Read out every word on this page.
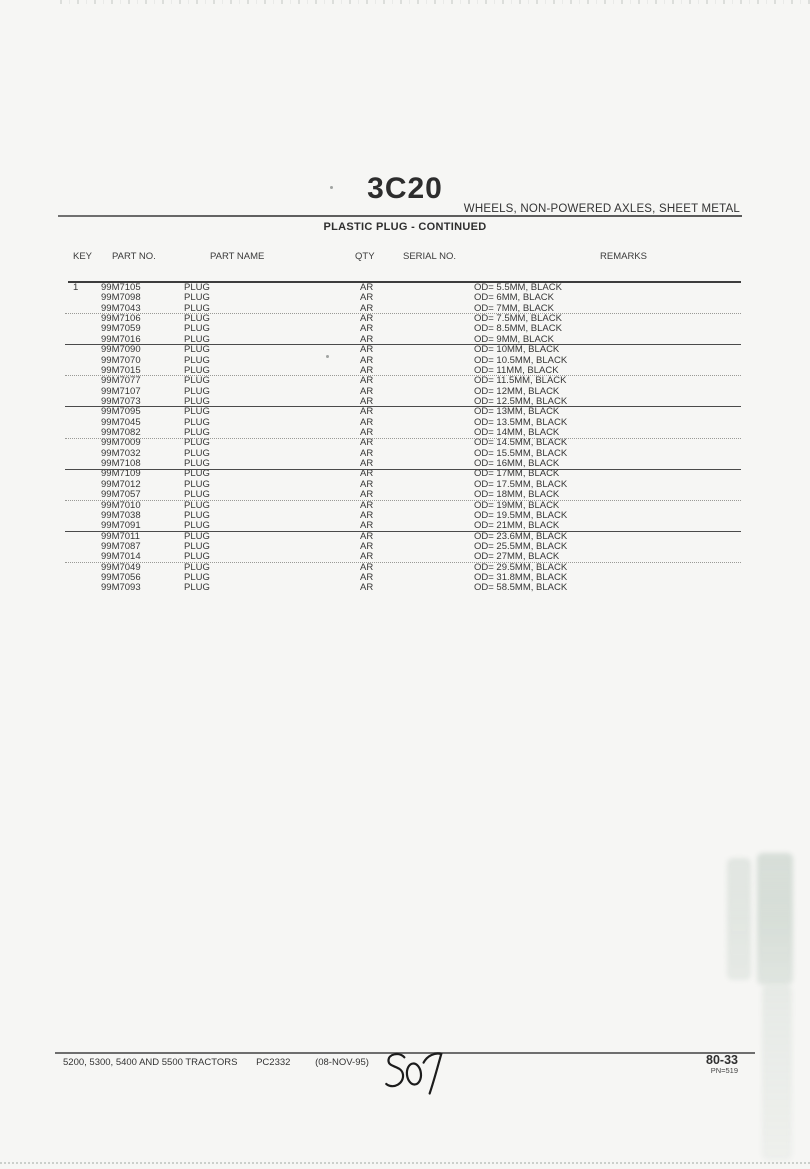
3C20
WHEELS, NON-POWERED AXLES, SHEET METAL
PLASTIC PLUG - CONTINUED
KEY PART NO.	PART NAME	QTY	SERIAL NO.	REMARKS
1 99M7105	PLUG	AR	OD= 5.5MM, BLACK
99M7098	PLUG	AR	OD= 6MM, BLACK
99M7043	PLUG	AR	OD= 7MM, BLACK
99M7106	PLUG	AR	OD= 7.5MM, BLACK
99M7059	PLUG	AR	OD= 8.5MM, BLACK
99M7016	PLUG	AR	OD= 9MM, BLACK
99M7090	PLUG	AR	OD= 10MM, BLACK
99M7070	PLUG	AR	OD= 10.5MM, BLACK
99M7015	PLUG	AR	OD= 11MM, BLACK
99M7077	PLUG	AR	OD= 11.5MM, BLACK
99M7107	PLUG	AR	OD= 12MM, BLACK
99M7073	PLUG	AR	OD= 12.5MM, BLACK
99M7095	PLUG	AR	OD= 13MM, BLACK
99M7045	PLUG	AR	OD= 13.5MM, BLACK
99M7082	PLUG	AR	OD= 14MM, BLACK
99M7009	PLUG	AR	OD= 14.5MM, BLACK
99M7032	PLUG	AR	OD= 15.5MM, BLACK
99M7108	PLUG	AR	OD= 16MM, BLACK
99M7109	PLUG	AR	OD= 17MM, BLACK
99M7012	PLUG	AR	OD= 17.5MM, BLACK
99M7057	PLUG	AR	OD= 18MM, BLACK
99M7010	PLUG	AR	OD= 19MM, BLACK
99M7038	PLUG	AR	OD= 19.5MM, BLACK
99M7091	PLUG	AR	OD= 21MM, BLACK
99M7011	PLUG	AR	OD= 23.6MM, BLACK
99M7087	PLUG	AR	OD= 25.5MM, BLACK
99M7014	PLUG	AR	OD= 27MM, BLACK
99M7049	PLUG	AR	OD= 29.5MM, BLACK
99M7056	PLUG	AR	OD= 31.8MM, BLACK
99M7093	PLUG	AR	OD= 58.5MM, BLACK
5200, 5300, 5400 AND 5500 TRACTORS PC2332	(08-NOV-95)	80-33
PN=519
